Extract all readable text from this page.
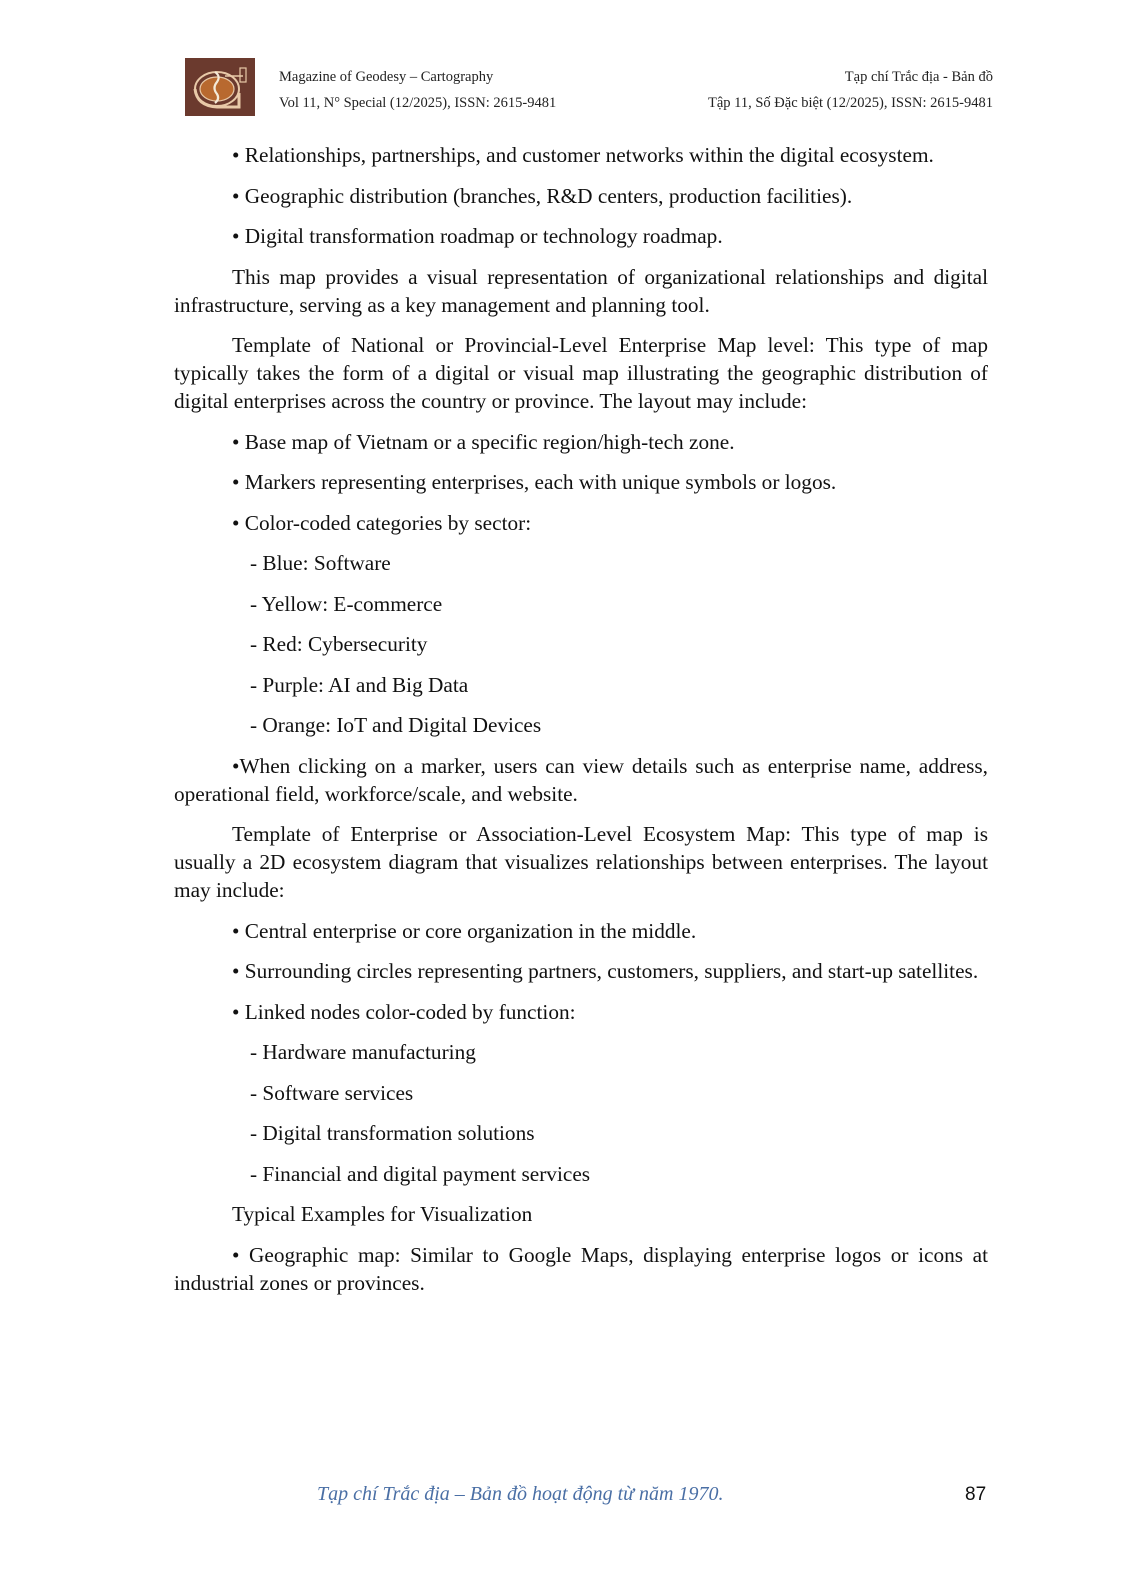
Magazine of Geodesy – Cartography
Vol 11, N° Special (12/2025), ISSN: 2615-9481
Tạp chí Trắc địa - Bản đồ
Tập 11, Số Đặc biệt (12/2025), ISSN: 2615-9481

• Relationships, partnerships, and customer networks within the digital ecosystem.

• Geographic distribution (branches, R&D centers, production facilities).

• Digital transformation roadmap or technology roadmap.

This map provides a visual representation of organizational relationships and digital infrastructure, serving as a key management and planning tool.

Template of National or Provincial-Level Enterprise Map level: This type of map typically takes the form of a digital or visual map illustrating the geographic distribution of digital enterprises across the country or province. The layout may include:

• Base map of Vietnam or a specific region/high-tech zone.

• Markers representing enterprises, each with unique symbols or logos.

• Color-coded categories by sector:

- Blue: Software

- Yellow: E-commerce

- Red: Cybersecurity

- Purple: AI and Big Data

- Orange: IoT and Digital Devices

•When clicking on a marker, users can view details such as enterprise name, address, operational field, workforce/scale, and website.

Template of Enterprise or Association-Level Ecosystem Map: This type of map is usually a 2D ecosystem diagram that visualizes relationships between enterprises. The layout may include:

• Central enterprise or core organization in the middle.

• Surrounding circles representing partners, customers, suppliers, and start-up satellites.

• Linked nodes color-coded by function:

- Hardware manufacturing

- Software services

- Digital transformation solutions

- Financial and digital payment services

Typical Examples for Visualization

• Geographic map: Similar to Google Maps, displaying enterprise logos or icons at industrial zones or provinces.

Tạp chí Trắc địa – Bản đồ hoạt động từ năm 1970.	87
